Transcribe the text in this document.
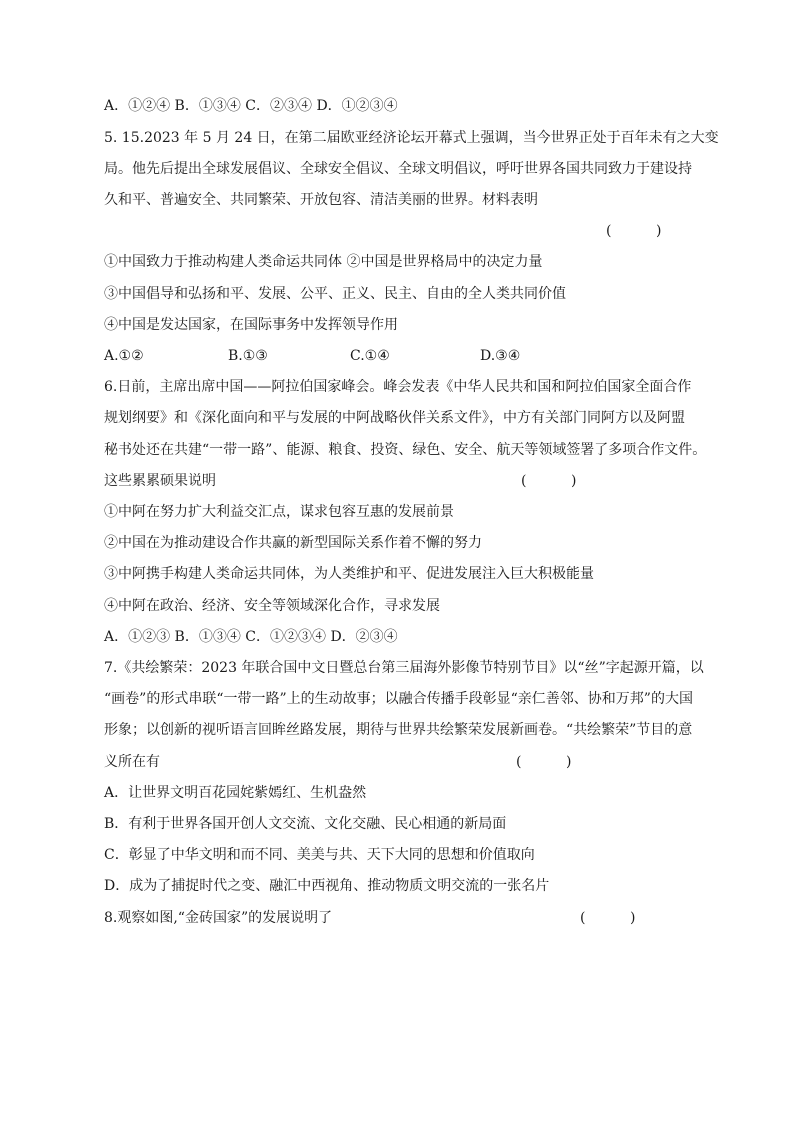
A．①②④ B．①③④ C．②③④ D．①②③④
5. 15.2023 年 5 月 24 日，在第二届欧亚经济论坛开幕式上强调，当今世界正处于百年未有之大变
局。他先后提出全球发展倡议、全球安全倡议、全球文明倡议，呼吁世界各国共同致力于建设持
久和平、普遍安全、共同繁荣、开放包容、清洁美丽的世界。材料表明
(          )
①中国致力于推动构建人类命运共同体 ②中国是世界格局中的决定力量
③中国倡导和弘扬和平、发展、公平、正义、民主、自由的全人类共同价值
④中国是发达国家，在国际事务中发挥领导作用
A.①②	B.①③	C.①④	D.③④
6.日前，主席出席中国——阿拉伯国家峰会。峰会发表《中华人民共和国和阿拉伯国家全面合作
规划纲要》和《深化面向和平与发展的中阿战略伙伴关系文件》，中方有关部门同阿方以及阿盟
秘书处还在共建“一带一路”、能源、粮食、投资、绿色、安全、航天等领域签署了多项合作文件。
这些累累硕果说明	(          )
①中阿在努力扩大利益交汇点，谋求包容互惠的发展前景
②中国在为推动建设合作共赢的新型国际关系作着不懈的努力
③中阿携手构建人类命运共同体，为人类维护和平、促进发展注入巨大积极能量
④中阿在政治、经济、安全等领域深化合作，寻求发展
A．①②③ B．①③④ C．①②③④ D．②③④
7.《共绘繁荣：2023 年联合国中文日暨总台第三届海外影像节特别节目》以“丝”字起源开篇，以
“画卷”的形式串联“一带一路”上的生动故事；以融合传播手段彰显“亲仁善邻、协和万邦”的大国
形象；以创新的视听语言回眸丝路发展，期待与世界共绘繁荣发展新画卷。“共绘繁荣”节目的意
义所在有	(          )
A．让世界文明百花园姹紫嫣红、生机盎然
B．有利于世界各国开创人文交流、文化交融、民心相通的新局面
C．彰显了中华文明和而不同、美美与共、天下大同的思想和价值取向
D．成为了捕捉时代之变、融汇中西视角、推动物质文明交流的一张名片
8.观察如图,“金砖国家”的发展说明了	(          )
